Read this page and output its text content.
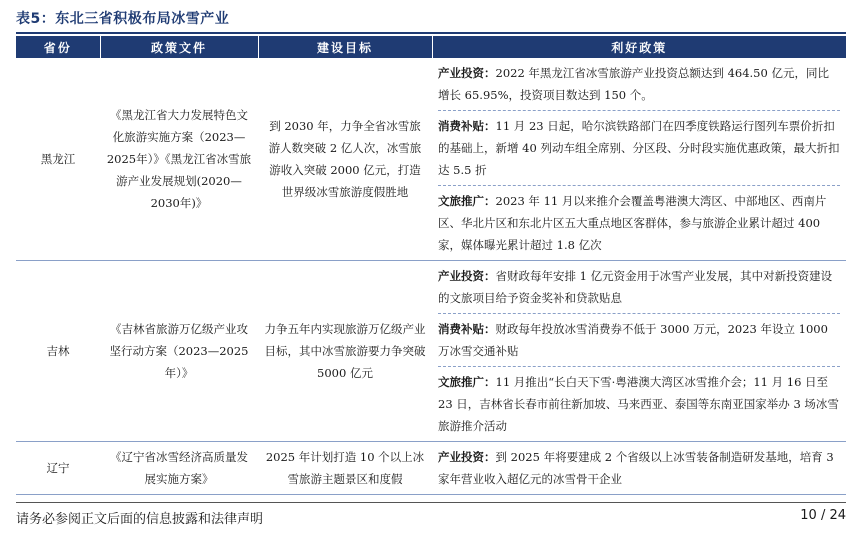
表5：东北三省积极布局冰雪产业
省份	政策文件	建设目标	利好政策
黑龙江	《黑龙江省大力发展特色文化旅游实施方案（2023—2025年）》《黑龙江省冰雪旅游产业发展规划(2020—2030年)》	到 2030 年，力争全省冰雪旅游人数突破 2 亿人次，冰雪旅游收入突破 2000 亿元，打造世界级冰雪旅游度假胜地	产业投资：2022 年黑龙江省冰雪旅游产业投资总额达到 464.50 亿元，同比增长 65.95%，投资项目数达到 150 个。
消费补贴：11 月 23 日起，哈尔滨铁路部门在四季度铁路运行图列车票价折扣的基础上，新增 40 列动车组全席别、分区段、分时段实施优惠政策，最大折扣达 5.5 折
文旅推广：2023 年 11 月以来推介会覆盖粤港澳大湾区、中部地区、西南片区、华北片区和东北片区五大重点地区客群体，参与旅游企业累计超过 400 家，媒体曝光累计超过 1.8 亿次

吉林	《吉林省旅游万亿级产业攻坚行动方案（2023—2025 年）》	力争五年内实现旅游万亿级产业目标，其中冰雪旅游要力争突破 5000 亿元	产业投资：省财政每年安排 1 亿元资金用于冰雪产业发展，其中对新投资建设的文旅项目给予资金奖补和贷款贴息
消费补贴：财政每年投放冰雪消费券不低于 3000 万元，2023 年设立 1000 万冰雪交通补贴
文旅推广：11 月推出“长白天下雪·粤港澳大湾区冰雪推介会；11 月 16 日至 23 日，吉林省长春市前往新加坡、马来西亚、泰国等东南亚国家举办 3 场冰雪旅游推介活动

辽宁	《辽宁省冰雪经济高质量发展实施方案》	2025 年计划打造 10 个以上冰雪旅游主题景区和度假	产业投资：到 2025 年将要建成 2 个省级以上冰雪装备制造研发基地，培育 3 家年营业收入超亿元的冰雪骨干企业
请务必参阅正文后面的信息披露和法律声明	10 / 24
